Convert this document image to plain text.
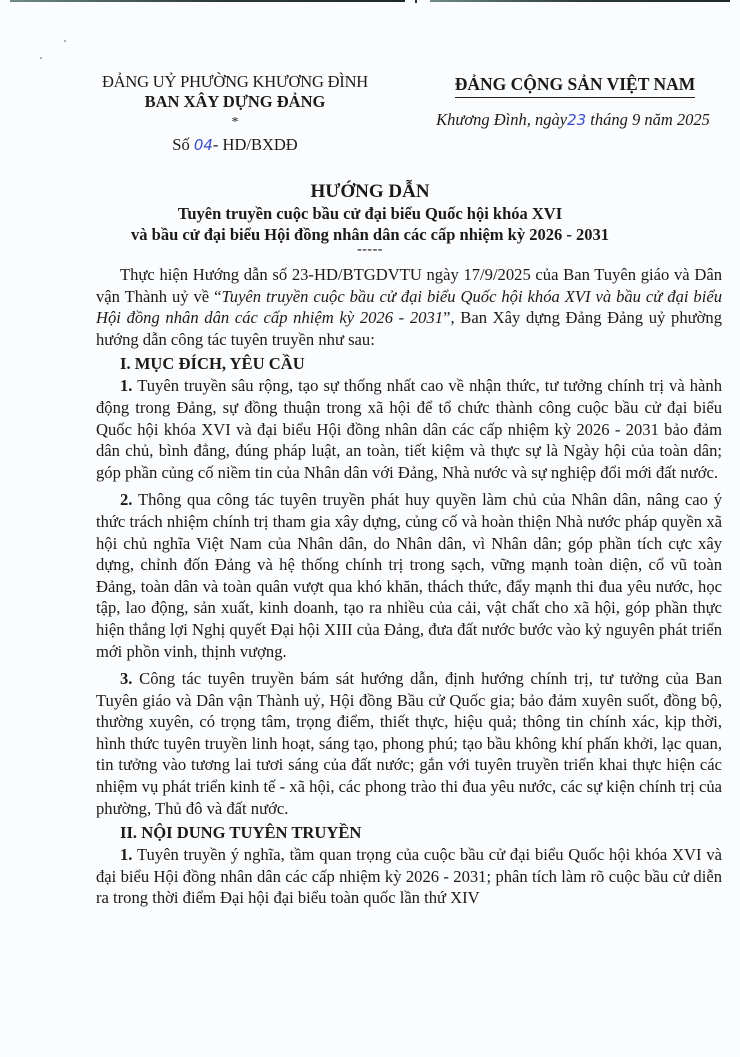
ĐẢNG UỶ PHƯỜNG KHƯƠNG ĐÌNH
BAN XÂY DỰNG ĐẢNG
*
Số 04- HD/BXDĐ
ĐẢNG CỘNG SẢN VIỆT NAM
Khương Đình, ngày23 tháng 9 năm 2025
HƯỚNG DẪN
Tuyên truyền cuộc bầu cử đại biểu Quốc hội khóa XVI
và bầu cử đại biểu Hội đồng nhân dân các cấp nhiệm kỳ 2026 - 2031
-----

Thực hiện Hướng dẫn số 23-HD/BTGDVTU ngày 17/9/2025 của Ban Tuyên giáo và Dân vận Thành uỷ về “Tuyên truyền cuộc bầu cử đại biểu Quốc hội khóa XVI và bầu cử đại biểu Hội đồng nhân dân các cấp nhiệm kỳ 2026 - 2031”, Ban Xây dựng Đảng Đảng uỷ phường hướng dẫn công tác tuyên truyền như sau:

I. MỤC ĐÍCH, YÊU CẦU

1. Tuyên truyền sâu rộng, tạo sự thống nhất cao về nhận thức, tư tưởng chính trị và hành động trong Đảng, sự đồng thuận trong xã hội để tổ chức thành công cuộc bầu cử đại biểu Quốc hội khóa XVI và đại biểu Hội đồng nhân dân các cấp nhiệm kỳ 2026 - 2031 bảo đảm dân chủ, bình đẳng, đúng pháp luật, an toàn, tiết kiệm và thực sự là Ngày hội của toàn dân; góp phần củng cố niềm tin của Nhân dân với Đảng, Nhà nước và sự nghiệp đổi mới đất nước.

2. Thông qua công tác tuyên truyền phát huy quyền làm chủ của Nhân dân, nâng cao ý thức trách nhiệm chính trị tham gia xây dựng, củng cố và hoàn thiện Nhà nước pháp quyền xã hội chủ nghĩa Việt Nam của Nhân dân, do Nhân dân, vì Nhân dân; góp phần tích cực xây dựng, chỉnh đốn Đảng và hệ thống chính trị trong sạch, vững mạnh toàn diện, cổ vũ toàn Đảng, toàn dân và toàn quân vượt qua khó khăn, thách thức, đẩy mạnh thi đua yêu nước, học tập, lao động, sản xuất, kinh doanh, tạo ra nhiều của cải, vật chất cho xã hội, góp phần thực hiện thắng lợi Nghị quyết Đại hội XIII của Đảng, đưa đất nước bước vào kỷ nguyên phát triển mới phồn vinh, thịnh vượng.

3. Công tác tuyên truyền bám sát hướng dẫn, định hướng chính trị, tư tưởng của Ban Tuyên giáo và Dân vận Thành uỷ, Hội đồng Bầu cử Quốc gia; bảo đảm xuyên suốt, đồng bộ, thường xuyên, có trọng tâm, trọng điểm, thiết thực, hiệu quả; thông tin chính xác, kịp thời, hình thức tuyên truyền linh hoạt, sáng tạo, phong phú; tạo bầu không khí phấn khởi, lạc quan, tin tưởng vào tương lai tươi sáng của đất nước; gắn với tuyên truyền triển khai thực hiện các nhiệm vụ phát triển kinh tế - xã hội, các phong trào thi đua yêu nước, các sự kiện chính trị của phường, Thủ đô và đất nước.

II. NỘI DUNG TUYÊN TRUYỀN

1. Tuyên truyền ý nghĩa, tầm quan trọng của cuộc bầu cử đại biểu Quốc hội khóa XVI và đại biểu Hội đồng nhân dân các cấp nhiệm kỳ 2026 - 2031; phân tích làm rõ cuộc bầu cử diễn ra trong thời điểm Đại hội đại biểu toàn quốc lần thứ XIV
